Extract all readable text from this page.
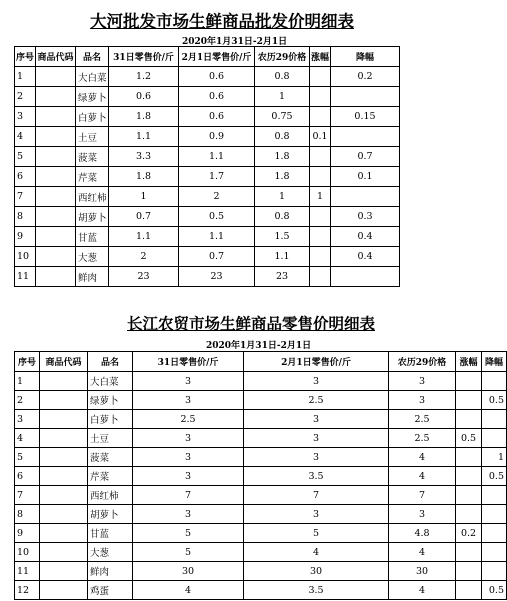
大河批发市场生鲜商品批发价明细表
2020年1月31日-2月1日
序号	商品代码	品名	31日零售价/斤	2月1日零售价/斤	农历29价格	涨幅	降幅
1		大白菜	1.2	0.6	0.8		0.2
2		绿萝卜	0.6	0.6	1		
3		白萝卜	1.8	0.6	0.75		0.15
4		土豆	1.1	0.9	0.8	0.1	
5		菠菜	3.3	1.1	1.8		0.7
6		芹菜	1.8	1.7	1.8		0.1
7		西红柿	1	2	1	1	
8		胡萝卜	0.7	0.5	0.8		0.3
9		甘蓝	1.1	1.1	1.5		0.4
10		大葱	2	0.7	1.1		0.4
11		鲜肉	23	23	23		
长江农贸市场生鲜商品零售价明细表
2020年1月31日-2月1日
序号	商品代码	品名	31日零售价/斤	2月1日零售价/斤	农历29价格	涨幅	降幅
1		大白菜	3	3	3		
2		绿萝卜	3	2.5	3		0.5
3		白萝卜	2.5	3	2.5		
4		土豆	3	3	2.5	0.5	
5		菠菜	3	3	4		1
6		芹菜	3	3.5	4		0.5
7		西红柿	7	7	7		
8		胡萝卜	3	3	3		
9		甘蓝	5	5	4.8	0.2	
10		大葱	5	4	4		
11		鲜肉	30	30	30		
12		鸡蛋	4	3.5	4		0.5
